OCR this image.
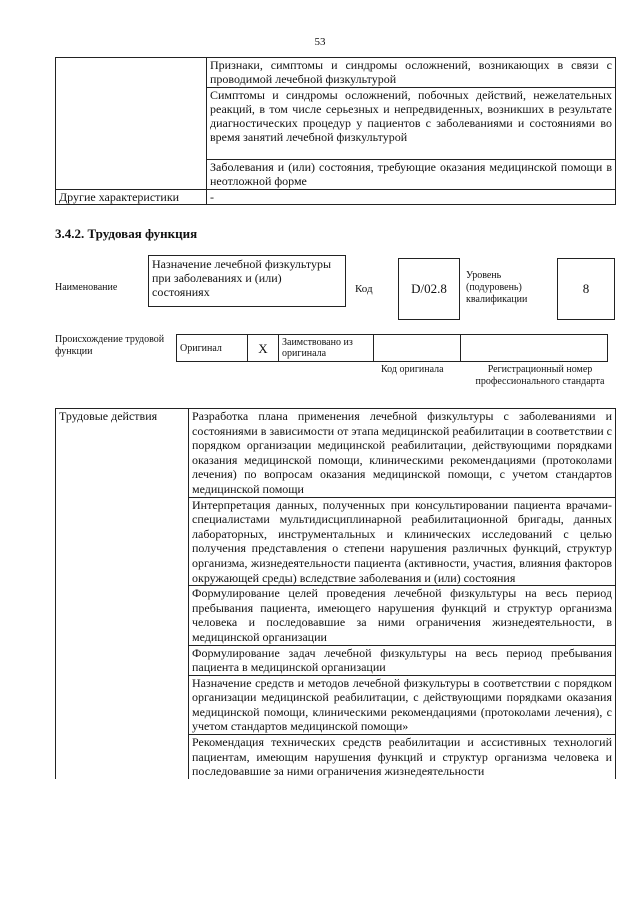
53
	Признаки, симптомы и синдромы осложнений, возникающих в связи с проводимой лечебной физкультурой
	Симптомы и синдромы осложнений, побочных действий, нежелательных реакций, в том числе серьезных и непредвиденных, возникших в результате диагностических процедур у пациентов с заболеваниями и состояниями во время занятий лечебной физкультурой
	Заболевания и (или) состояния, требующие оказания медицинской помощи в неотложной форме
Другие характеристики	-
3.4.2. Трудовая функция
Наименование
Назначение лечебной физкультуры при заболеваниях и (или) состояниях	Код	D/02.8
Уровень (подуровень) квалификации
8
Происхождение трудовой функции	Оригинал	X	Заимствовано из оригинала		
Код оригинала	Регистрационный номер профессионального стандарта
Трудовые действия	Разработка плана применения лечебной физкультуры с заболеваниями и состояниями в зависимости от этапа медицинской реабилитации в соответствии с порядком организации медицинской реабилитации, действующими порядками оказания медицинской помощи, клиническими рекомендациями (протоколами лечения) по вопросам оказания медицинской помощи, с учетом стандартов медицинской помощи
Интерпретация данных, полученных при консультировании пациента врачами-специалистами мультидисциплинарной реабилитационной бригады, данных лабораторных, инструментальных и клинических исследований с целью получения представления о степени нарушения различных функций, структур организма, жизнедеятельности пациента (активности, участия, влияния факторов окружающей среды) вследствие заболевания и (или) состояния
Формулирование целей проведения лечебной физкультуры на весь период пребывания пациента, имеющего нарушения функций и структур организма человека и последовавшие за ними ограничения жизнедеятельности, в медицинской организации
Формулирование задач лечебной физкультуры на весь период пребывания пациента в медицинской организации
Назначение средств и методов лечебной физкультуры в соответствии с порядком организации медицинской реабилитации, с действующими порядками оказания медицинской помощи, клиническими рекомендациями (протоколами лечения), с учетом стандартов медицинской помощи»
Рекомендация технических средств реабилитации и ассистивных технологий пациентам, имеющим нарушения функций и структур организма человека и последовавшие за ними ограничения жизнедеятельности
